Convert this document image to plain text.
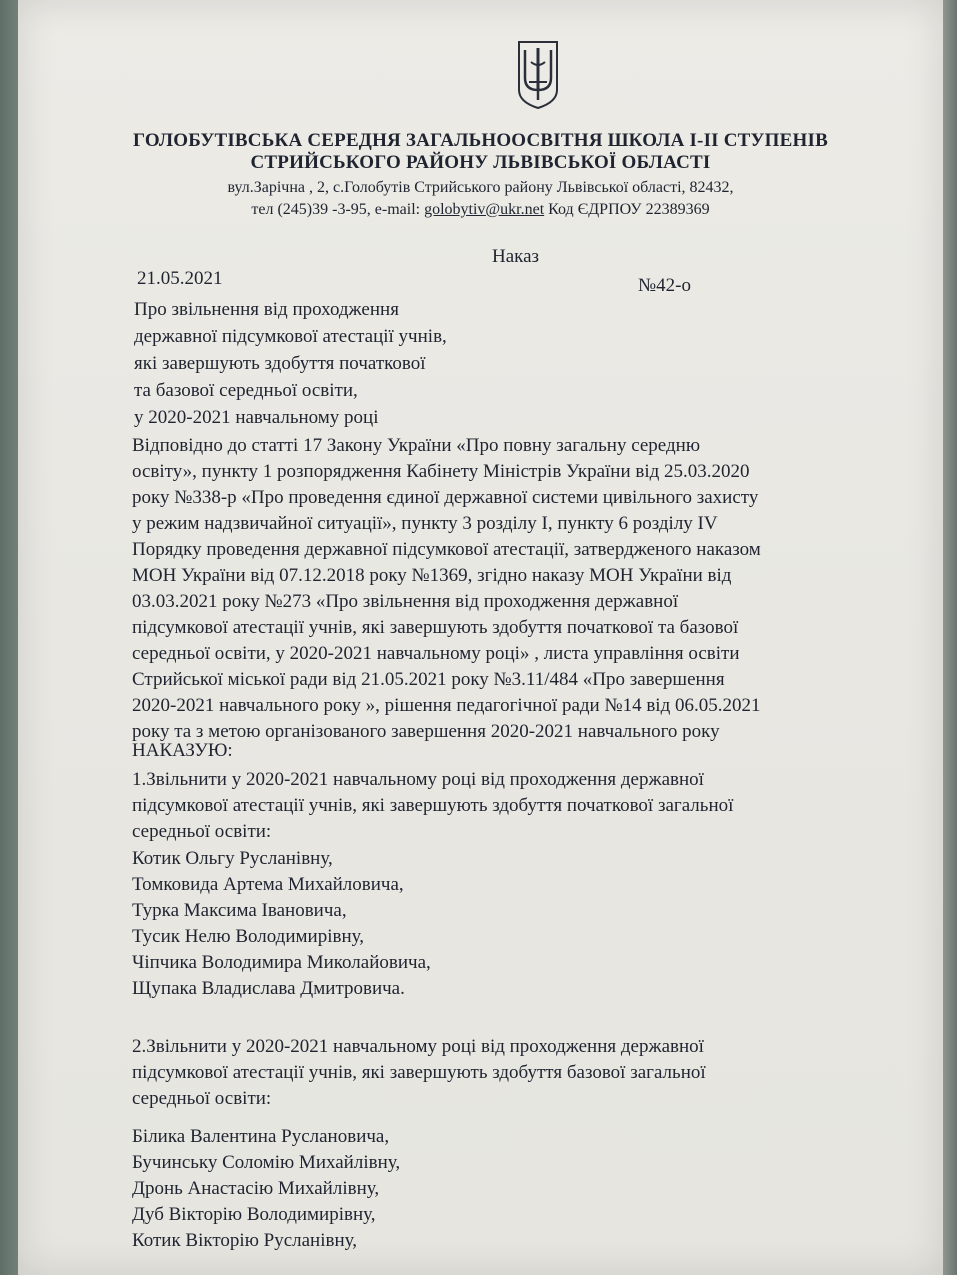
ГОЛОБУТІВСЬКА СЕРЕДНЯ ЗАГАЛЬНООСВІТНЯ ШКОЛА І-ІІ СТУПЕНІВ
СТРИЙСЬКОГО РАЙОНУ ЛЬВІВСЬКОЇ ОБЛАСТІ
вул.Зарічна , 2, с.Голобутів Стрийського району Львівської області, 82432,
тел (245)39 -3-95, e-mail: golobytiv@ukr.net Код ЄДРПОУ 22389369
Наказ
21.05.2021	№42-о
Про звільнення від проходження
державної підсумкової атестації учнів,
які завершують здобуття початкової
та базової середньої освіти,
у 2020-2021 навчальному році
Відповідно до статті 17 Закону України «Про повну загальну середню
освіту», пункту 1 розпорядження Кабінету Міністрів України від 25.03.2020
року №338-р «Про проведення єдиної державної системи цивільного захисту
у режим надзвичайної ситуації», пункту 3 розділу І, пункту 6 розділу ІV
Порядку проведення державної підсумкової атестації, затвердженого наказом
МОН України від 07.12.2018 року №1369, згідно наказу МОН України від
03.03.2021 року №273 «Про звільнення від проходження державної
підсумкової атестації учнів, які завершують здобуття початкової та базової
середньої освіти, у 2020-2021 навчальному році» , листа управління освіти
Стрийської міської ради від 21.05.2021 року №3.11/484 «Про завершення
2020-2021 навчального року », рішення педагогічної ради №14 від 06.05.2021
року та з метою організованого завершення 2020-2021 навчального року
НАКАЗУЮ:
1.Звільнити у 2020-2021 навчальному році від проходження державної
підсумкової атестації учнів, які завершують здобуття початкової загальної
середньої освіти:
Котик Ольгу Русланівну,
Томковида Артема Михайловича,
Турка Максима Івановича,
Тусик Нелю Володимирівну,
Чіпчика Володимира Миколайовича,
Щупака Владислава Дмитровича.
2.Звільнити у 2020-2021 навчальному році від проходження державної
підсумкової атестації учнів, які завершують здобуття базової загальної
середньої освіти:
Білика Валентина Руслановича,
Бучинську Соломію Михайлівну,
Дронь Анастасію Михайлівну,
Дуб Вікторію Володимирівну,
Котик Вікторію Русланівну,
